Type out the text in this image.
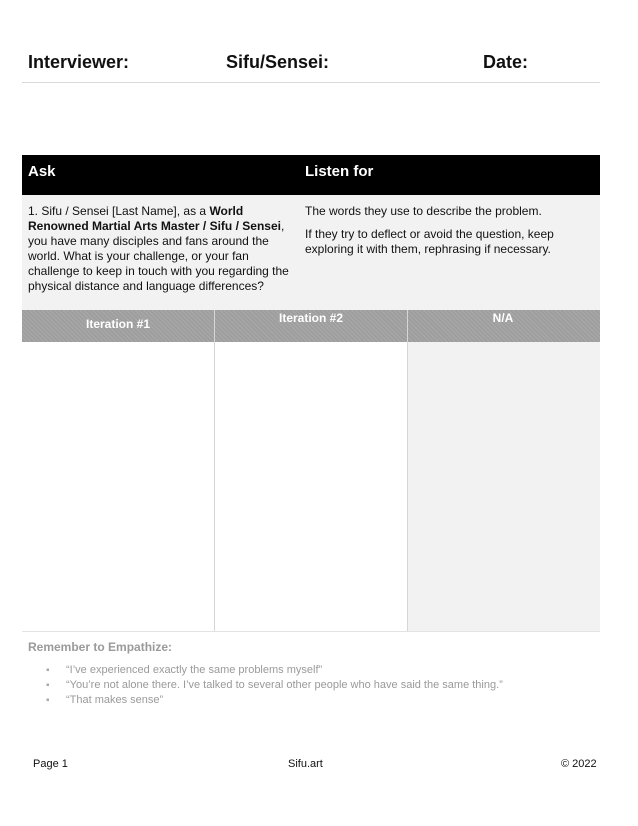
Interviewer:	Sifu/Sensei:	Date:
Ask	Listen for
1. Sifu / Sensei [Last Name], as a World Renowned Martial Arts Master / Sifu / Sensei, you have many disciples and fans around the world. What is your challenge, or your fan challenge to keep in touch with you regarding the physical distance and language differences?
The words they use to describe the problem.
If they try to deflect or avoid the question, keep exploring it with them, rephrasing if necessary.
Iteration #1	Iteration #2	N/A
Remember to Empathize:
▪ “I’ve experienced exactly the same problems myself”
▪ “You’re not alone there. I’ve talked to several other people who have said the same thing.”
▪ “That makes sense”
Page 1	Sifu.art	© 2022
